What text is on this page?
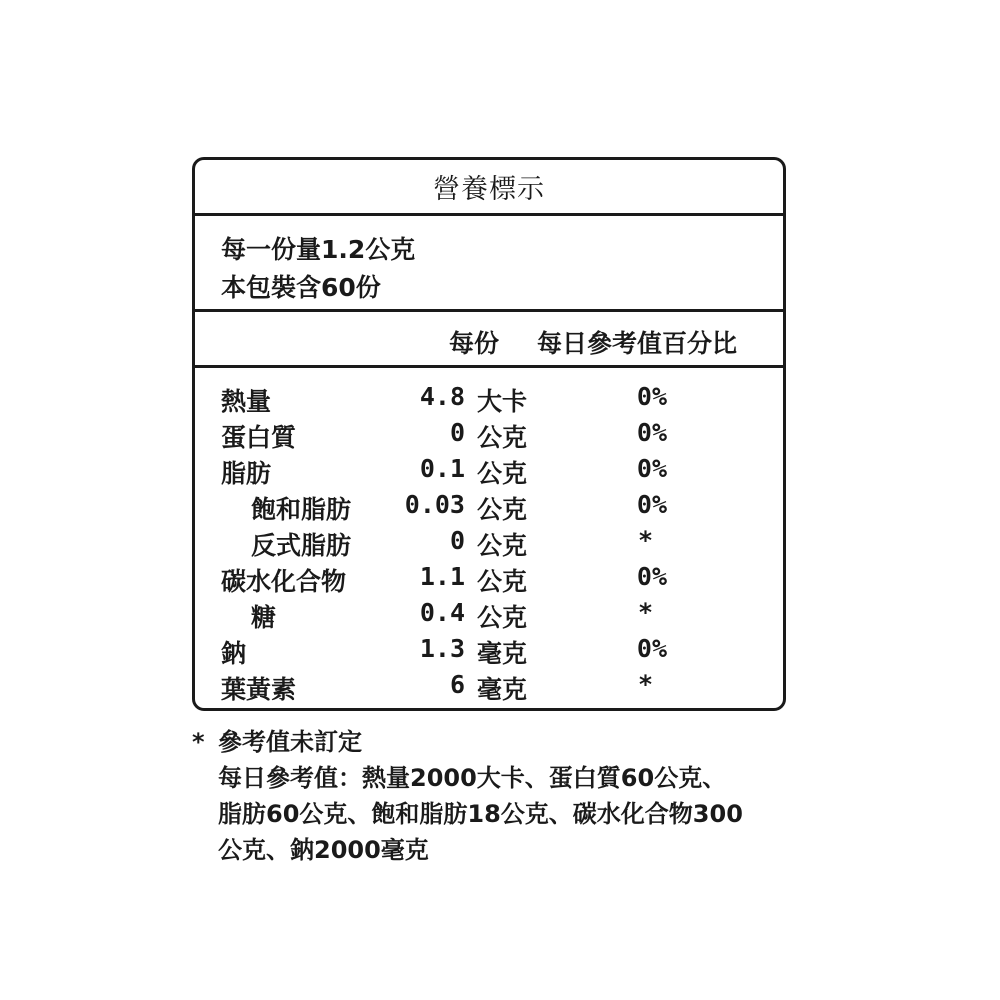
營養標示
每一份量1.2公克
本包裝含60份
每份 每日參考值百分比
熱量	4.8 大卡	0%
蛋白質	0 公克	0%
脂肪	0.1 公克	0%
飽和脂肪 0.03 公克	0%
反式脂肪	0 公克	*
碳水化合物	1.1 公克	0%
糖	0.4 公克	*
鈉	1.3 毫克	0%
葉黃素	6 毫克	*
* 參考值未訂定
每日參考值：熱量2000大卡、蛋白質60公克、
脂肪60公克、飽和脂肪18公克、碳水化合物300
公克、鈉2000毫克
